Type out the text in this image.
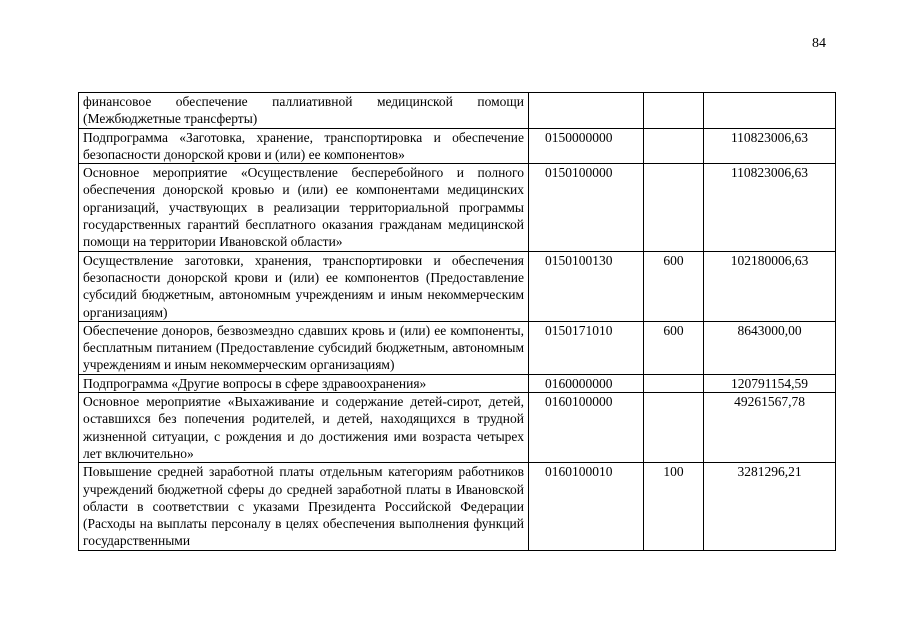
84
финансовое обеспечение паллиативной медицинской помощи (Межбюджетные трансферты)			
Подпрограмма «Заготовка, хранение, транспортировка и обеспечение безопасности донорской крови и (или) ее компонентов»	0150000000		110823006,63
Основное мероприятие «Осуществление бесперебойного и полного обеспечения донорской кровью и (или) ее компонентами медицинских организаций, участвующих в реализации территориальной программы государственных гарантий бесплатного оказания гражданам медицинской помощи на территории Ивановской области»	0150100000		110823006,63
Осуществление заготовки, хранения, транспортировки и обеспечения безопасности донорской крови и (или) ее компонентов (Предоставление субсидий бюджетным, автономным учреждениям и иным некоммерческим организациям)	0150100130	600	102180006,63
Обеспечение доноров, безвозмездно сдавших кровь и (или) ее компоненты, бесплатным питанием (Предоставление субсидий бюджетным, автономным учреждениям и иным некоммерческим организациям)	0150171010	600	8643000,00
Подпрограмма «Другие вопросы в сфере здравоохранения»	0160000000		120791154,59
Основное мероприятие «Выхаживание и содержание детей-сирот, детей, оставшихся без попечения родителей, и детей, находящихся в трудной жизненной ситуации, с рождения и до достижения ими возраста четырех лет включительно»	0160100000		49261567,78
Повышение средней заработной платы отдельным категориям работников учреждений бюджетной сферы до средней заработной платы в Ивановской области в соответствии с указами Президента Российской Федерации (Расходы на выплаты персоналу в целях обеспечения выполнения функций государственными	0160100010	100	3281296,21
